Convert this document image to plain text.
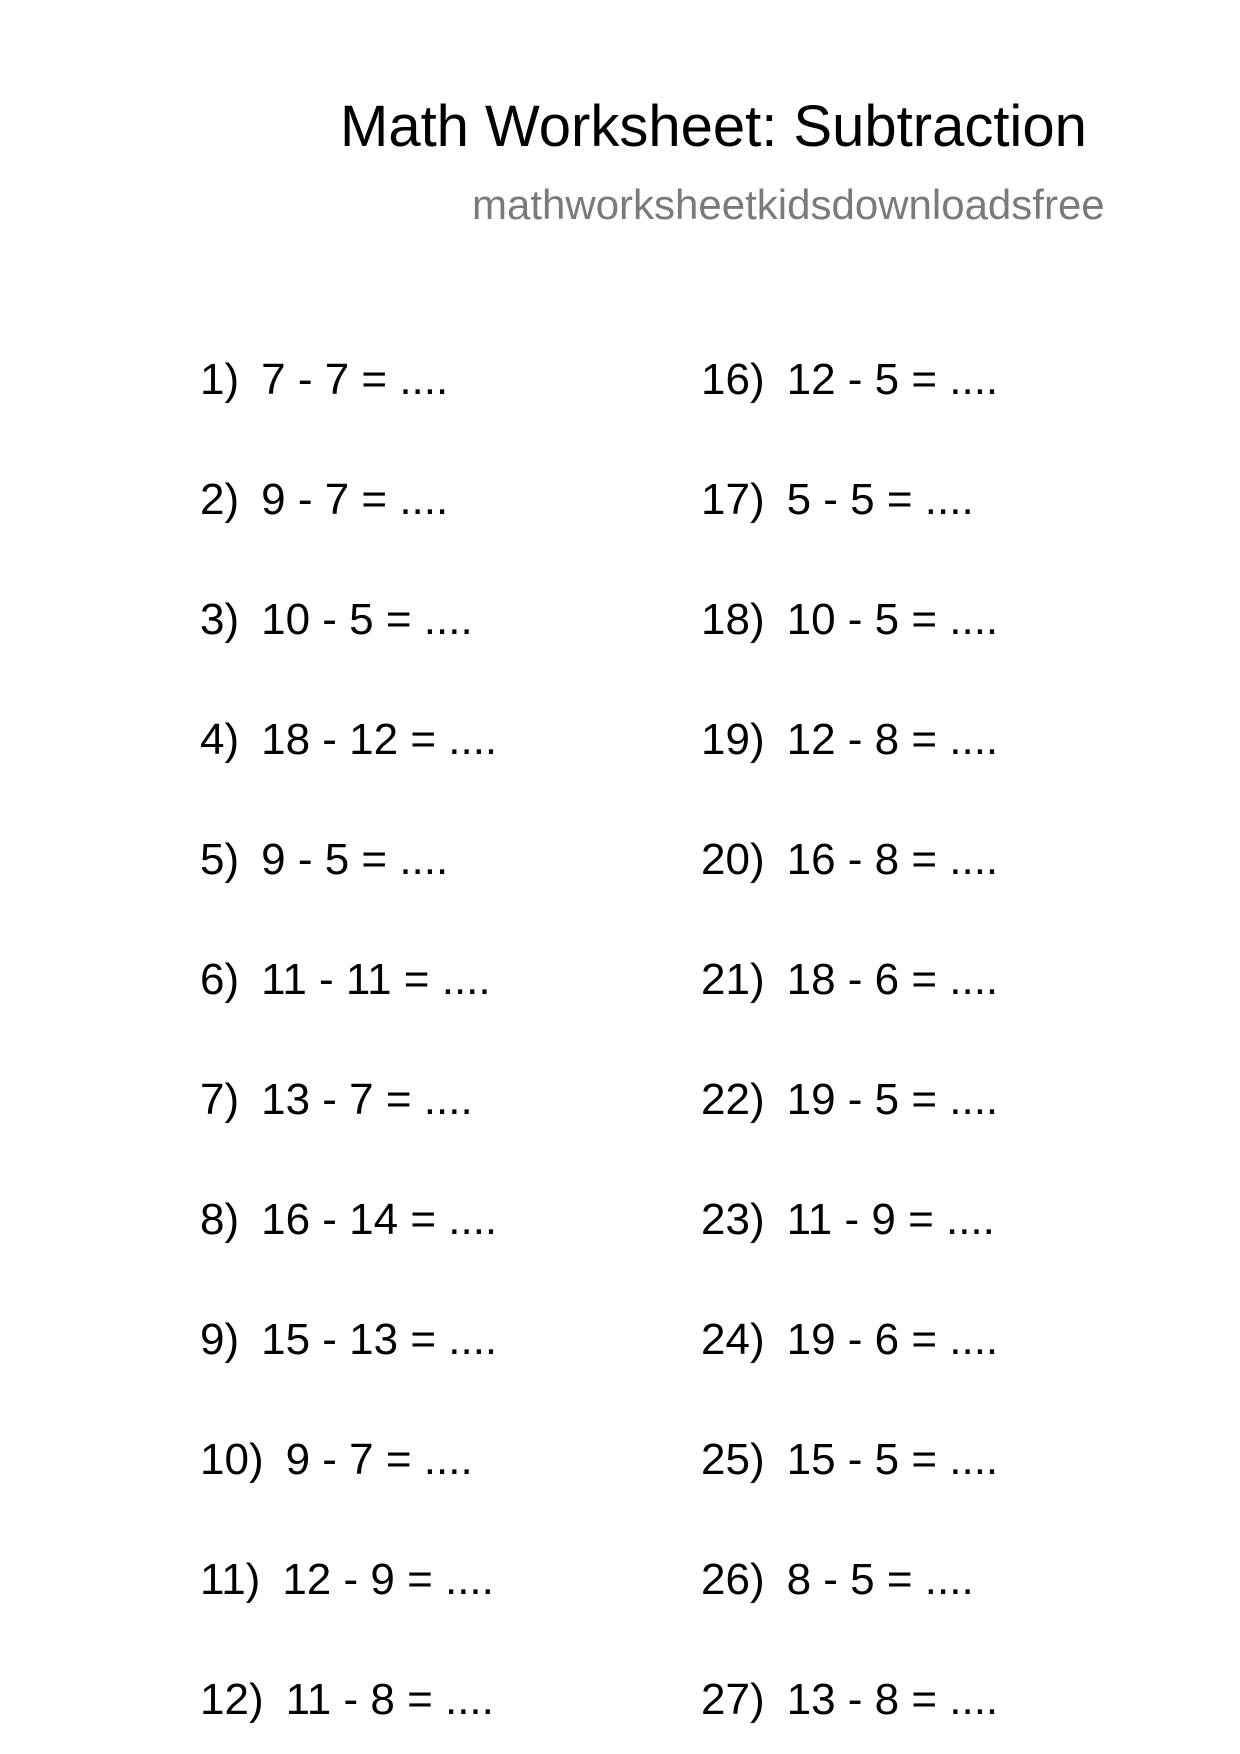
Math Worksheet: Subtraction
mathworksheetkidsdownloadsfree
1) 7 - 7 = ....
2) 9 - 7 = ....
3) 10 - 5 = ....
4) 18 - 12 = ....
5) 9 - 5 = ....
6) 11 - 11 = ....
7) 13 - 7 = ....
8) 16 - 14 = ....
9) 15 - 13 = ....
10) 9 - 7 = ....
11) 12 - 9 = ....
12) 11 - 8 = ....
16) 12 - 5 = ....
17) 5 - 5 = ....
18) 10 - 5 = ....
19) 12 - 8 = ....
20) 16 - 8 = ....
21) 18 - 6 = ....
22) 19 - 5 = ....
23) 11 - 9 = ....
24) 19 - 6 = ....
25) 15 - 5 = ....
26) 8 - 5 = ....
27) 13 - 8 = ....
